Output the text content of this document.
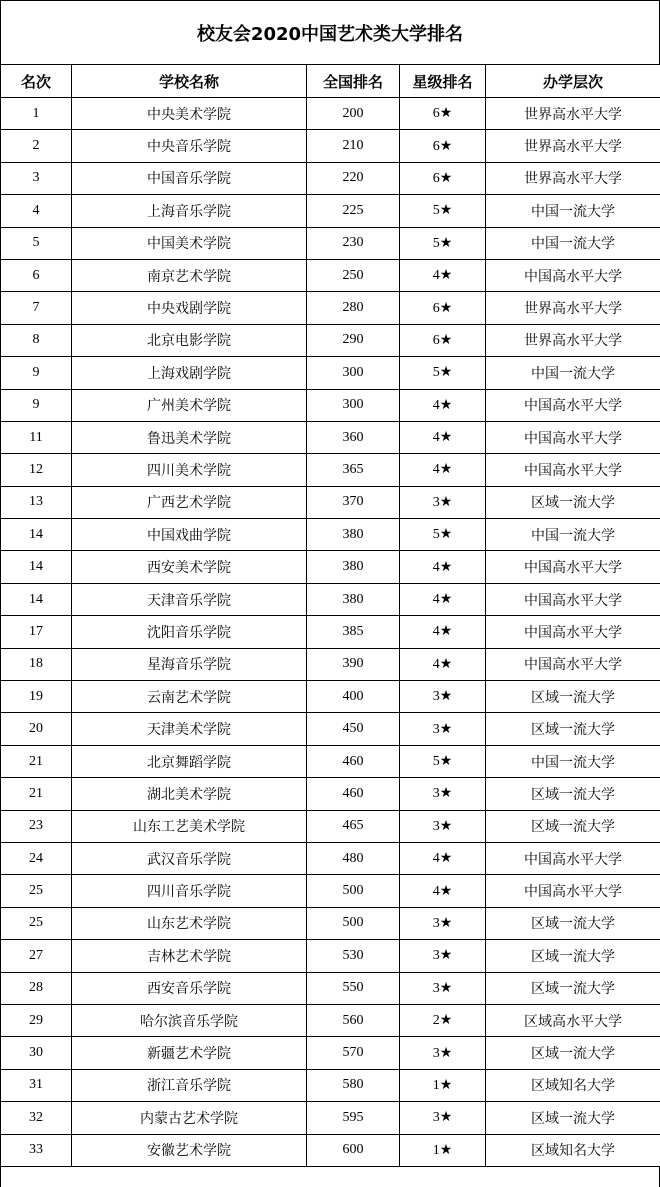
校友会2020中国艺术类大学排名
名次	学校名称	全国排名	星级排名	办学层次
1	中央美术学院	200	6★	世界高水平大学
2	中央音乐学院	210	6★	世界高水平大学
3	中国音乐学院	220	6★	世界高水平大学
4	上海音乐学院	225	5★	中国一流大学
5	中国美术学院	230	5★	中国一流大学
6	南京艺术学院	250	4★	中国高水平大学
7	中央戏剧学院	280	6★	世界高水平大学
8	北京电影学院	290	6★	世界高水平大学
9	上海戏剧学院	300	5★	中国一流大学
9	广州美术学院	300	4★	中国高水平大学
11	鲁迅美术学院	360	4★	中国高水平大学
12	四川美术学院	365	4★	中国高水平大学
13	广西艺术学院	370	3★	区域一流大学
14	中国戏曲学院	380	5★	中国一流大学
14	西安美术学院	380	4★	中国高水平大学
14	天津音乐学院	380	4★	中国高水平大学
17	沈阳音乐学院	385	4★	中国高水平大学
18	星海音乐学院	390	4★	中国高水平大学
19	云南艺术学院	400	3★	区域一流大学
20	天津美术学院	450	3★	区域一流大学
21	北京舞蹈学院	460	5★	中国一流大学
21	湖北美术学院	460	3★	区域一流大学
23	山东工艺美术学院	465	3★	区域一流大学
24	武汉音乐学院	480	4★	中国高水平大学
25	四川音乐学院	500	4★	中国高水平大学
25	山东艺术学院	500	3★	区域一流大学
27	吉林艺术学院	530	3★	区域一流大学
28	西安音乐学院	550	3★	区域一流大学
29	哈尔滨音乐学院	560	2★	区域高水平大学
30	新疆艺术学院	570	3★	区域一流大学
31	浙江音乐学院	580	1★	区域知名大学
32	内蒙古艺术学院	595	3★	区域一流大学
33	安徽艺术学院	600	1★	区域知名大学
